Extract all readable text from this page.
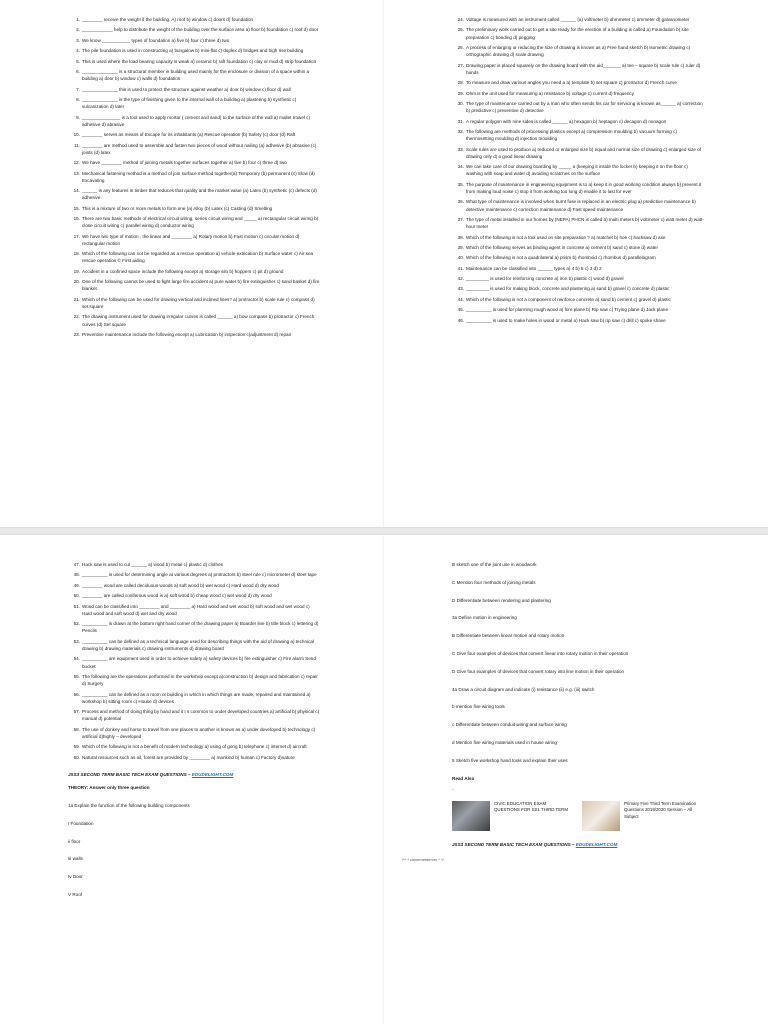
1. ________ receive the weight if the building. A) roof b) window c) doors d) foundation
2. ____________ help to distribute the weight of the building over the surface area a) floor b) foundation c) roof d) door
3. We know ___________ types of foundation a) five b) four c) three d) two
4. The pile foundation is used in constructing a) bungalow b) mini-flat c) duplex d) bridges and high rise building
5. This is used where the load bearing capacity is weak a) ceramic b) raft foundation c) clay or mud d) strip foundation
6. ______________ is a structural member in building used mainly for the enclosure or division of a space within a building a) door b) window c) walls d) foundation
7. ______________ this is used to protect the structure against weather a) door b) window c) floor d) wall
8. ______________ is the type of finishing given to the internal wall of a building a) plastering b) synthetic c) vulcanization d) later
9. _______________ is a tool used to apply mortar ( cement and sand) to the surface of the wall a) mallet trowel c) adhesive d) abrasive
10. ________ serves as means of Escape for its inhabitants (a) Rescue operation (b) Safety (c) door (d) Raft
11. ________ are method used to assemble and fasten two pieces of wood without nailing (a) adhesive (b) abrasive (c) joints (d) latex
12. We have ________ method of joining metals together surfaces together a) five b) four c) three d) two
13. Mechanical fastening method is a method of join surface method together(a) Temporary (b) permanent (c) Slow (d) Excavating
14. ______ is any features in timber that reduces that quality and the market value (a) Latex (b) synthetic (c) defects (d) adhesive
15. This is a mixture of two or more metals to form one (a) Alloy (b) Latex (c) Casting (d) Smelting
16. There are two basic methods of electrical circuit wiring, series circuit wiring and _____ a) rectangular circuit wiring b) close circuit wiring c) parallel wiring d) conductor wiring
17. We have two type of motion , the linear and ________ a) Rotary motion b) Fast motion c) circular motion d) rectangular motion
18. Which of the following can not be regarded as a rescue operation a) vehicle extrication b) Surface water c) Air sea rescue operation © First aiding
19. Accident in a confined space include the following except a) storage silo b) hoppers c) pit d) ground
20. One of the following cannot be used to fight large fire accident a) pure water b) fire extinguisher c) sand basket d) fire blanket
21. Which of the following can be used for drawing vertical and inclined lines? a) protractor b) scale rule c) compass d) set square
22. The drawing instrument used for drawing irregular curves is called ______ a) bow compass b) protractor c) French curves (d) Set square
23. Preventive maintenance include the following except a) Lubrication b) inspection c)adjustment d) repair
24. Voltage is measured with an instrument called ______ (a) voltmeter b) ohmmeter c) ammeter d) galvanometer
25. The preliminary work carried out to get a site ready for the erection of a building is called a) Foundation b) site preparation c) bonding d) pegging
26. A process of enlarging or reducing the size of drawing is known as a) Free hand sketch b) isometric drawing c) orthographic drawing d) scale drawing
27. Drawing paper is placed squarely on the drawing board with the aid_______ a) tee – square b) scale rule c) ruler d) hands
28. To measure and draw various angles you need a a) template b) set square c) protractor d) French curve
29. Ohm is the unit used for measuring a) resistance b) voltage c) current d) frequency
30. The type of maintenance carried out by a man who often sends his car for servicing is known as______ a) correction b) predictive c) preventive d) detective
31. A regular polygon with nine sides is called ______ a) hexagon b) heptagon c) decagon d) nonagon
32. The following are methods of processing plastics except a) compression moulding b) vacuum forming c) thermosetting moulding d) injection moulding
33. Scale rules are used to produce a) reduced or enlarged size b) equal and normal size of drawing c) enlarged size of drawing only d) a good linear drawing
34. We can take care of our drawing boarding by _____ a (keeping it inside the locker b) keeping it on the floor c) washing with soap and water d) avoiding scratches on the surface
35. The purpose of maintenance in engineering equipment is to a) keep it in good working condition always b) prevent it from making loud noise c) stop it from working too long d) enable it to last for ever
36. What type of maintenance is involved when burnt fuse is replaced in an electric plug a) predictive maintenance b) detective maintenance c) correction maintenance d) Fast speed maintenance
37. The type of metal installed in our homes by (NEPA) PHCN is called a) multi meters b) voltmeter c) watt meter d) watt- hour meter
38. Which of the following is not a tool used on site preparation ? a) matchet b) hoe c) hacksaw d) axe
39. Which of the following serves as binding agent in concrete a) cement b) sand c) stone d) water
40. Which of the following is not a quadrilateral a) prism b) rhomboid c) rhombus d) parallelogram
41. Maintenance can be classified into ______ types a) 4 b) 5 c) 3 d) 2
42. _________ is used for reinforcing concrete a) iron b) plastic c) wood d) gravel
43. _________ is used for making block, concrete and plastering a) sand b) gravel c) concrete d) plastic
44. Which of the following is not a component of reinforce concrete a) sand b) cement c) gravel d) plastic
45. __________ is used for planning rough wood a) fore plane b) Rip saw c) Trying plane d) Jack plane
46. __________ is used to make holes in wood or metal a) Hack saw b) rip saw c) drill c) spoke shave
47. Hack saw is used to cut ______ a) wood b) metal c) plastic d) clothes
48. __________ is used for determining angle at various degrees a) protractors b) steel rule c) micrometer d) steel tape
49. ________ wood are called deciduous woods a) soft wood b) wet wood c) Hard wood d) dry wood
50. ________ are called coniferous wood is a) soft wood b) cheap wood c) wet wood d) dry wood
51. Wood can be classified into ________ and ________ a) Hard wood and wet wood b) soft wood and wet wood c) Hard wood and soft wood d) wet and dry wood
52. __________ is drawn at the bottom right hand corner of the drawing paper a) Boarder line b) title block c) lettering d) Pencils
53. __________ can be defined as a technical language used for describing things with the aid of drawing a) technical drawing b) drawing materials c) drawing instruments d) drawing board
54. __________ are equipment used in order to achieve safety a) safety devices b) fire extinguisher c) Fire alarm Send bucket
55. The following are the operations performed in the workshop except a)construction b) design and fabrication c) repair d) Surgery
56. __________ can be defined as a room or building in which in which things are made, repaired and maintained a) workshop b) sitting room c) House d) devices
57. Process and method of doing thing by hand and it I s common to under developed countries a) artificial b) physical c) manual d) potential
58. The use of donkey and horse to travel from one places to another is known as a) under developed b) technology c) artificial d)highly – developed
59. Which of the following is not a benefit of modern technology a) using of gong b) telephone c) internet d) aircraft
60. Natural resources such as oil, forest are provided by ________ a) mankind b) human c) Factory d)nature
JSS3 SECOND TERM BASIC TECH EXAM QUESTIONS – EDUDELIGHT.COM
THEORY: Answer only three question
1a Explain the function of the following building components
I Foundation
ii floor
Iii walls
Iv Door
V Roof
B sketch one of the joint use in woodwork
C Mention four methods of joining metals
D Differentiate between rendering and plastering
3a Define motion in engineering
B Differentiate between linear motion and rotary motion
C Give four examples of devices that convert linear into rotary motion in their operation
D Give four examples of devices that convert rotary into line motion in their operation
4a Draw a circuit diagram and indicate (i) resistance (ii) e.g. (iii) switch
b mention five wiring tools
c Differentiate between conduit wiring and surface wiring
d Mention five wiring materials used in house wiring
5 Sketch five workshop hand tools and explain their uses
Read Also
-
CIVIC EDUCATION EXAM QUESTIONS FOR SS1 THIRD TERM
Primary Five Third Term Examination Questions 2019/2020 Session – All Subject
JSS3 SECOND TERM BASIC TECH EXAM QUESTIONS – EDUDELIGHT.COM
/** * clevernetserver * */
